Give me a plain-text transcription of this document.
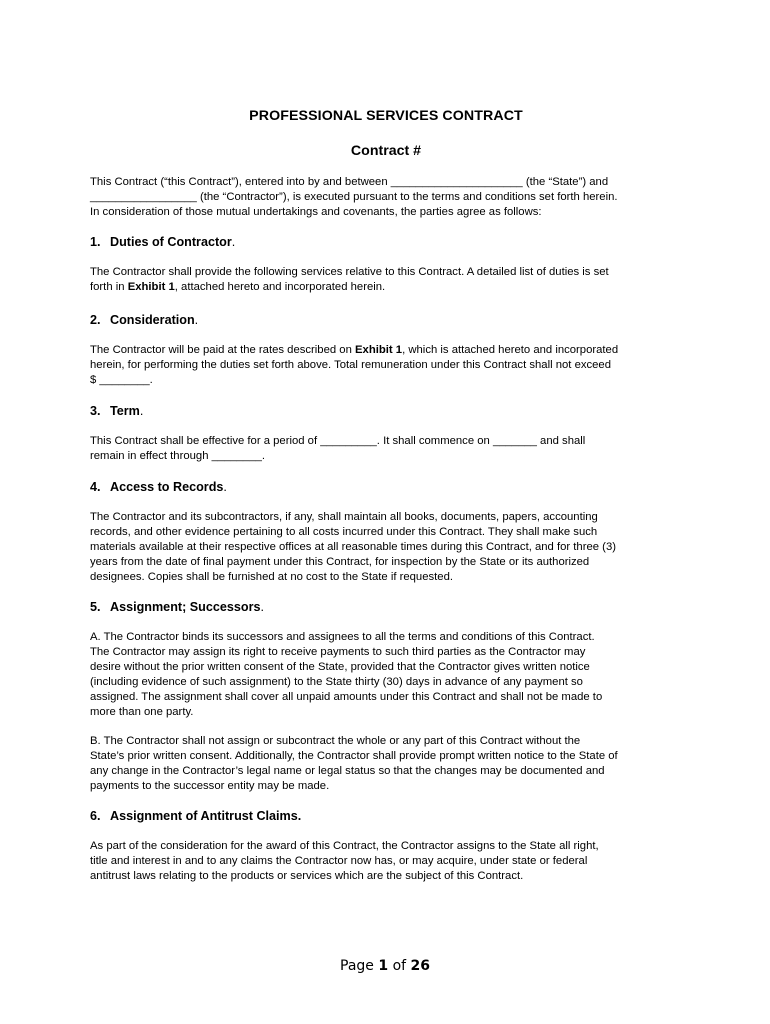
PROFESSIONAL SERVICES CONTRACT
Contract #

This Contract (“this Contract”), entered into by and between _____________________ (the “State”) and
_________________ (the “Contractor”), is executed pursuant to the terms and conditions set forth herein.
In consideration of those mutual undertakings and covenants, the parties agree as follows:

1. Duties of Contractor.

The Contractor shall provide the following services relative to this Contract. A detailed list of duties is set
forth in Exhibit 1, attached hereto and incorporated herein.

2. Consideration.

The Contractor will be paid at the rates described on Exhibit 1, which is attached hereto and incorporated
herein, for performing the duties set forth above. Total remuneration under this Contract shall not exceed
$ ________.

3. Term.

This Contract shall be effective for a period of _________. It shall commence on _______ and shall
remain in effect through ________.

4. Access to Records.

The Contractor and its subcontractors, if any, shall maintain all books, documents, papers, accounting
records, and other evidence pertaining to all costs incurred under this Contract. They shall make such
materials available at their respective offices at all reasonable times during this Contract, and for three (3)
years from the date of final payment under this Contract, for inspection by the State or its authorized
designees. Copies shall be furnished at no cost to the State if requested.

5. Assignment; Successors.

A. The Contractor binds its successors and assignees to all the terms and conditions of this Contract.
The Contractor may assign its right to receive payments to such third parties as the Contractor may
desire without the prior written consent of the State, provided that the Contractor gives written notice
(including evidence of such assignment) to the State thirty (30) days in advance of any payment so
assigned. The assignment shall cover all unpaid amounts under this Contract and shall not be made to
more than one party.

B. The Contractor shall not assign or subcontract the whole or any part of this Contract without the
State’s prior written consent. Additionally, the Contractor shall provide prompt written notice to the State of
any change in the Contractor’s legal name or legal status so that the changes may be documented and
payments to the successor entity may be made.

6. Assignment of Antitrust Claims.

As part of the consideration for the award of this Contract, the Contractor assigns to the State all right,
title and interest in and to any claims the Contractor now has, or may acquire, under state or federal
antitrust laws relating to the products or services which are the subject of this Contract.

Page 1 of 26
